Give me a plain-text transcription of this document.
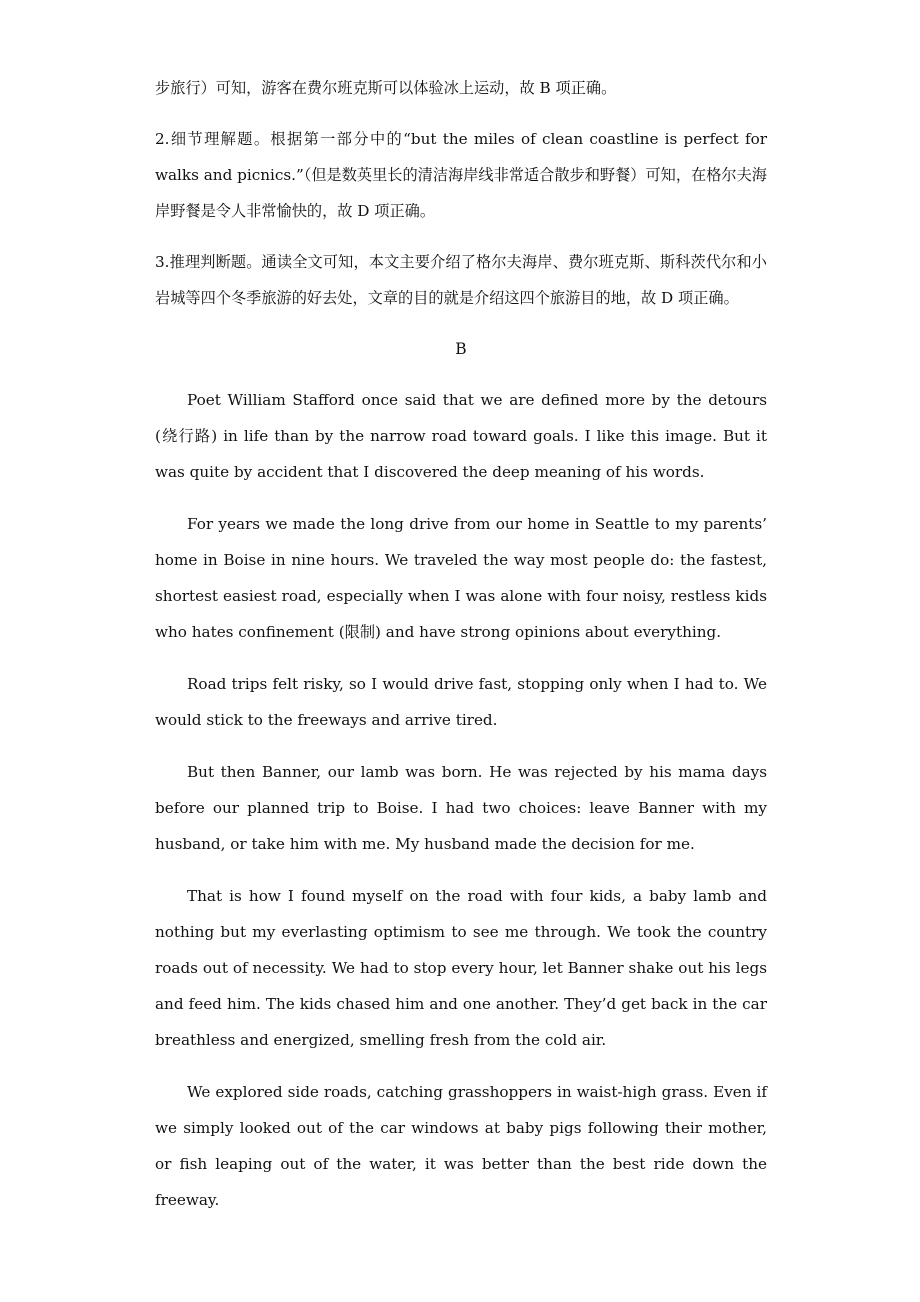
步旅行）可知，游客在费尔班克斯可以体验冰上运动，故 B 项正确。

2.细节理解题。根据第一部分中的“but the miles of clean coastline is perfect for walks and picnics.”（但是数英里长的清洁海岸线非常适合散步和野餐）可知，在格尔夫海岸野餐是令人非常愉快的，故 D 项正确。

3.推理判断题。通读全文可知，本文主要介绍了格尔夫海岸、费尔班克斯、斯科茨代尔和小岩城等四个冬季旅游的好去处，文章的目的就是介绍这四个旅游目的地，故 D 项正确。

B

Poet William Stafford once said that we are defined more by the detours (绕行路) in life than by the narrow road toward goals. I like this image. But it was quite by accident that I discovered the deep meaning of his words.

For years we made the long drive from our home in Seattle to my parents’ home in Boise in nine hours. We traveled the way most people do: the fastest, shortest easiest road, especially when I was alone with four noisy, restless kids who hates confinement (限制) and have strong opinions about everything.

Road trips felt risky, so I would drive fast, stopping only when I had to. We would stick to the freeways and arrive tired.

But then Banner, our lamb was born. He was rejected by his mama days before our planned trip to Boise. I had two choices: leave Banner with my husband, or take him with me. My husband made the decision for me.

That is how I found myself on the road with four kids, a baby lamb and nothing but my everlasting optimism to see me through. We took the country roads out of necessity. We had to stop every hour, let Banner shake out his legs and feed him. The kids chased him and one another. They’d get back in the car breathless and energized, smelling fresh from the cold air.

We explored side roads, catching grasshoppers in waist-high grass. Even if we simply looked out of the car windows at baby pigs following their mother, or fish leaping out of the water, it was better than the best ride down the freeway.
